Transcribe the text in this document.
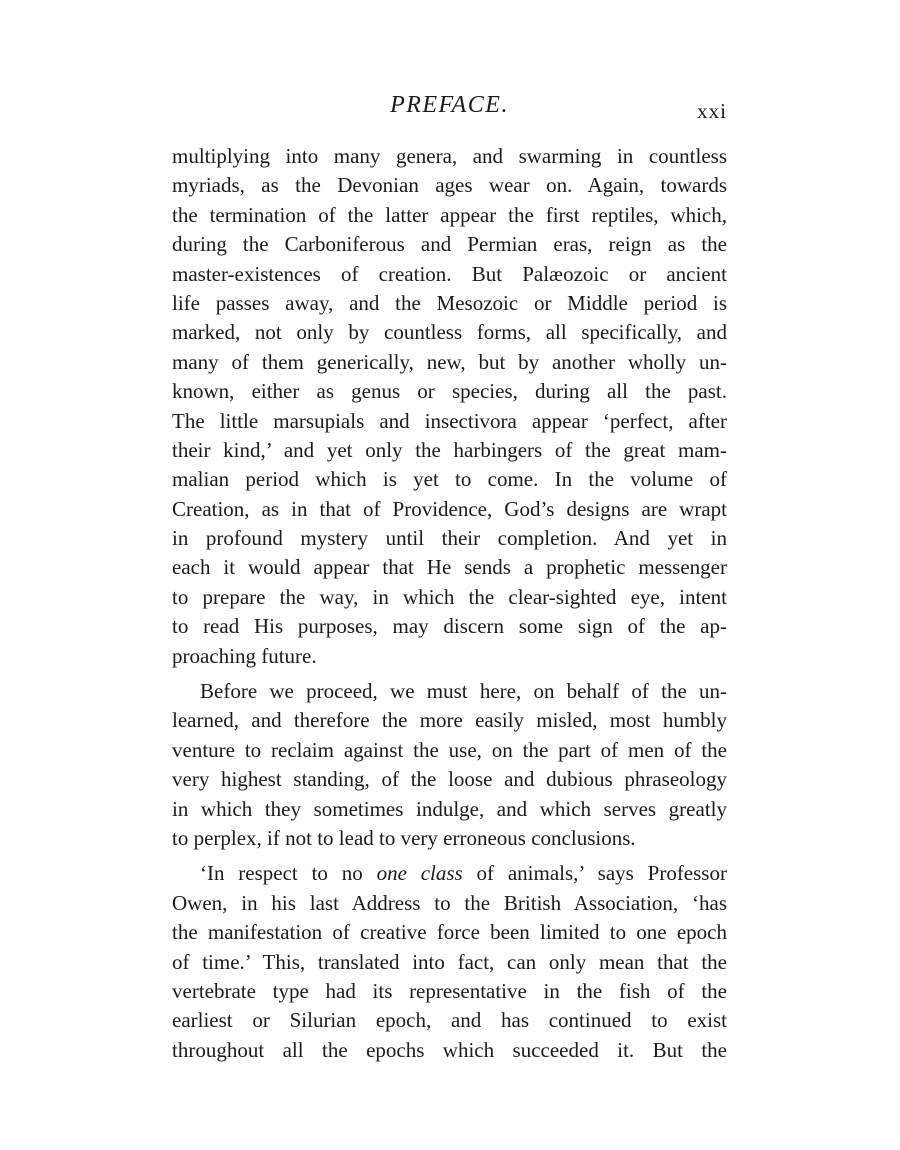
PREFACE.	xxi
multiplying into many genera, and swarming in countless
myriads, as the Devonian ages wear on. Again, towards
the termination of the latter appear the first reptiles, which,
during the Carboniferous and Permian eras, reign as the
master-existences of creation. But Palæozoic or ancient
life passes away, and the Mesozoic or Middle period is
marked, not only by countless forms, all specifically, and
many of them generically, new, but by another wholly un-
known, either as genus or species, during all the past.
The little marsupials and insectivora appear ‘perfect, after
their kind,’ and yet only the harbingers of the great mam-
malian period which is yet to come. In the volume of
Creation, as in that of Providence, God’s designs are wrapt
in profound mystery until their completion. And yet in
each it would appear that He sends a prophetic messenger
to prepare the way, in which the clear-sighted eye, intent
to read His purposes, may discern some sign of the ap-
proaching future.
Before we proceed, we must here, on behalf of the un-
learned, and therefore the more easily misled, most humbly
venture to reclaim against the use, on the part of men of the
very highest standing, of the loose and dubious phraseology
in which they sometimes indulge, and which serves greatly
to perplex, if not to lead to very erroneous conclusions.
‘In respect to no one class of animals,’ says Professor
Owen, in his last Address to the British Association, ‘has
the manifestation of creative force been limited to one epoch
of time.’ This, translated into fact, can only mean that the
vertebrate type had its representative in the fish of the
earliest or Silurian epoch, and has continued to exist
throughout all the epochs which succeeded it. But the
